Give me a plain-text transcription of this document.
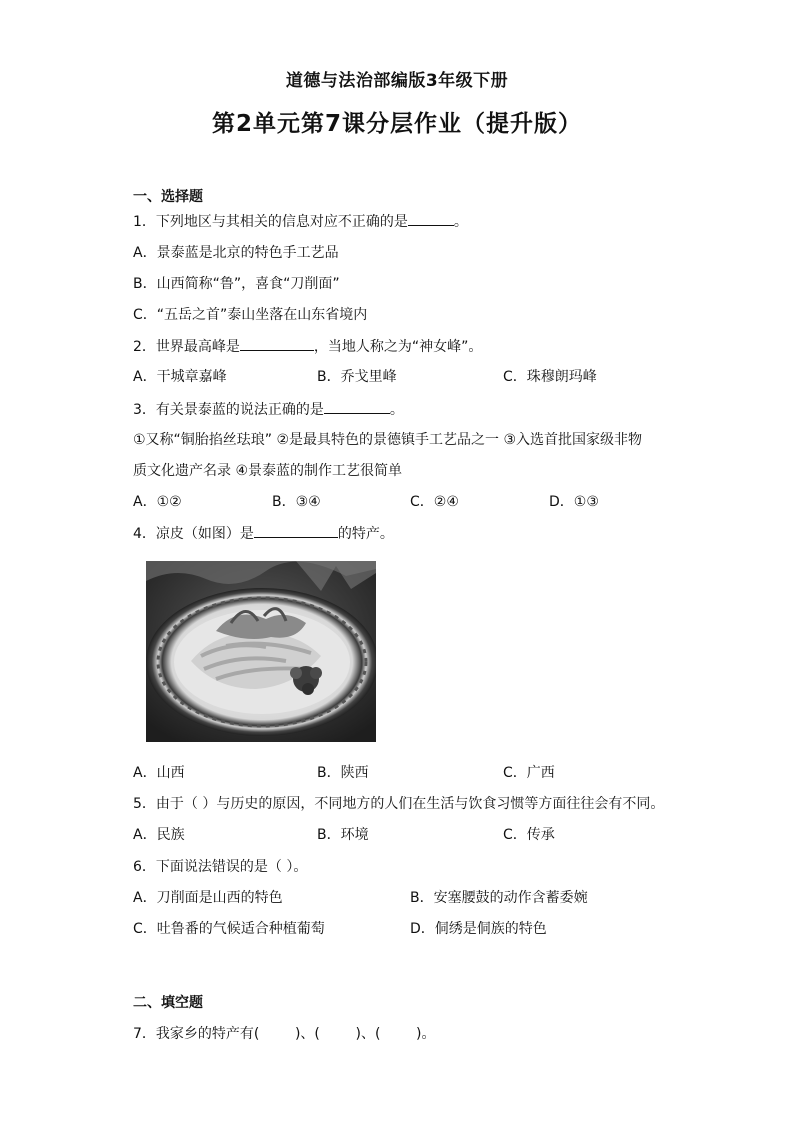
道德与法治部编版3年级下册
第2单元第7课分层作业（提升版）
一、选择题
1．下列地区与其相关的信息对应不正确的是	。
A．景泰蓝是北京的特色手工艺品
B．山西简称“鲁”，喜食“刀削面”
C．“五岳之首”泰山坐落在山东省境内
2．世界最高峰是	，当地人称之为“神女峰”。
A．干城章嘉峰	B．乔戈里峰	C．珠穆朗玛峰
3．有关景泰蓝的说法正确的是	。
①又称“铜胎掐丝珐琅” ②是最具特色的景德镇手工艺品之一 ③入选首批国家级非物
质文化遗产名录 ④景泰蓝的制作工艺很简单
A．①②	B．③④	C．②④	D．①③
4．凉皮（如图）是	的特产。
A．山西	B．陕西	C．广西
5．由于（ ）与历史的原因，不同地方的人们在生活与饮食习惯等方面往往会有不同。
A．民族	B．环境	C．传承
6．下面说法错误的是（ ）。
A．刀削面是山西的特色	B．安塞腰鼓的动作含蓄委婉
C．吐鲁番的气候适合种植葡萄	D．侗绣是侗族的特色
二、填空题
7．我家乡的特产有(        )、(        )、(        )。
